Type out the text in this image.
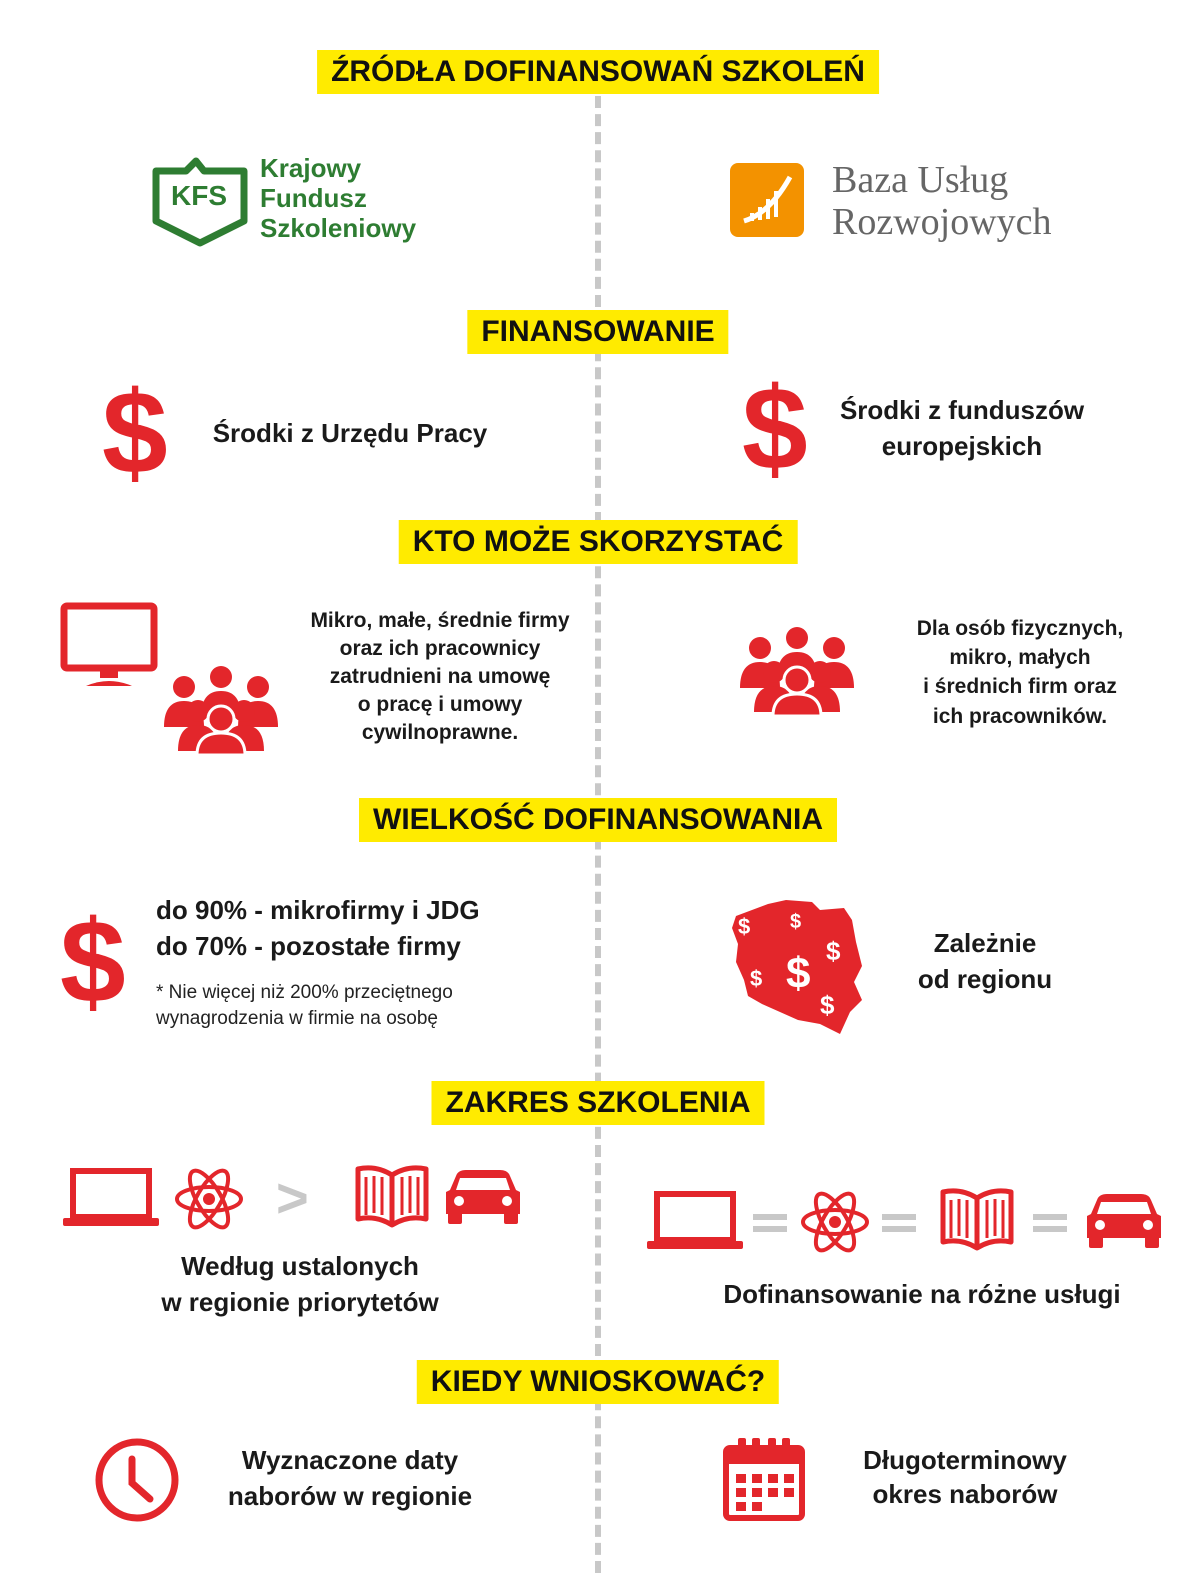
ŹRÓDŁA DOFINANSOWAŃ SZKOLEŃ
KFS
Krajowy
Fundusz
Szkoleniowy
Baza Usług
Rozwojowych
FINANSOWANIE
$	Środki z Urzędu Pracy $	Środki z funduszów
europejskich
KTO MOŻE SKORZYSTAĆ
Mikro, małe, średnie firmy
oraz ich pracownicy
zatrudnieni na umowę
o pracę i umowy
cywilnoprawne.
Dla osób fizycznych,
mikro, małych
i średnich firm oraz
ich pracowników.
WIELKOŚĆ DOFINANSOWANIA
$ do 90% - mikrofirmy i JDG
do 70% - pozostałe firmy
* Nie więcej niż 200% przeciętnego
wynagrodzenia w firmie na osobę
$ $
$
$
$
$
Zależnie
od regionu
ZAKRES SZKOLENIA
>
Według ustalonych
w regionie priorytetów	Dofinansowanie na różne usługi
KIEDY WNIOSKOWAĆ?
Wyznaczone daty
naborów w regionie
Długoterminowy
okres naborów
